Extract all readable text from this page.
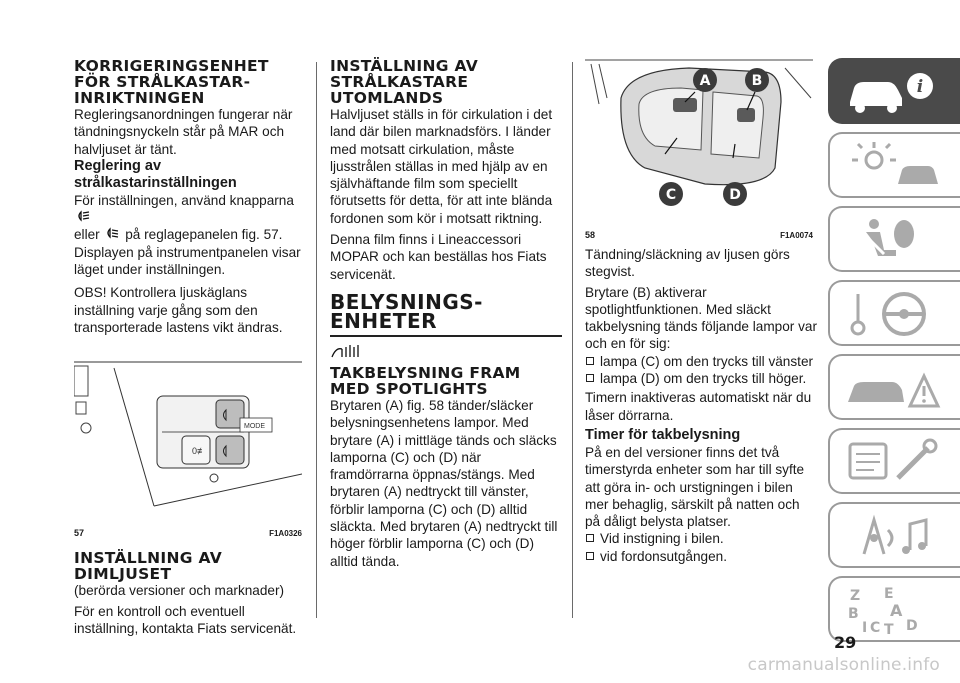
KORRIGERINGSENHET FÖR STRÅLKASTAR-INRIKTNINGEN
Regleringsanordningen fungerar när tändningsnyckeln står på MAR och halvljuset är tänt.
Reglering av strålkastarinställningen
För inställningen, använd knapparna
eller på reglagepanelen fig. 57.
Displayen på instrumentpanelen visar läget under inställningen.
OBS! Kontrollera ljuskäglans inställning varje gång som den transporterade lastens vikt ändras.
0≢
MODE
57	F1A0326
INSTÄLLNING AV DIMLJUSET
(berörda versioner och marknader)
För en kontroll och eventuell inställning, kontakta Fiats servicenät.
INSTÄLLNING AV STRÅLKASTARE UTOMLANDS
Halvljuset ställs in för cirkulation i det land där bilen marknadsförs. I länder med motsatt cirkulation, måste ljusstrålen ställas in med hjälp av en självhäftande film som speciellt förutsetts för detta, för att inte blända fordonen som kör i motsatt riktning.
Denna film finns i Lineaccessori MOPAR och kan beställas hos Fiats servicenät.
BELYSNINGS-ENHETER
TAKBELYSNING FRAM MED SPOTLIGHTS
Brytaren (A) fig. 58 tänder/släcker belysningsenhetens lampor. Med brytare (A) i mittläge tänds och släcks lamporna (C) och (D) när framdörrarna öppnas/stängs. Med brytaren (A) nedtryckt till vänster, förblir lamporna (C) och (D) alltid släckta. Med brytaren (A) nedtryckt till höger förblir lamporna (C) och (D) alltid tända.
A	B
C	D
58	F1A0074
Tändning/släckning av ljusen görs stegvist.
Brytare (B) aktiverar spotlightfunktionen. Med släckt takbelysning tänds följande lampor var och en för sig:
lampa (C) om den trycks till vänster
lampa (D) om den trycks till höger.
Timern inaktiveras automatiskt när du låser dörrarna.
Timer för takbelysning
På en del versioner finns det två timerstyrda enheter som har till syfte att göra in- och urstigningen i bilen mer behaglig, särskilt på natten och på dåligt belysta platser.
Vid instigning i bilen.
vid fordonsutgången.
i
Z E
A
B
I C T D
29
carmanualsonline.info
